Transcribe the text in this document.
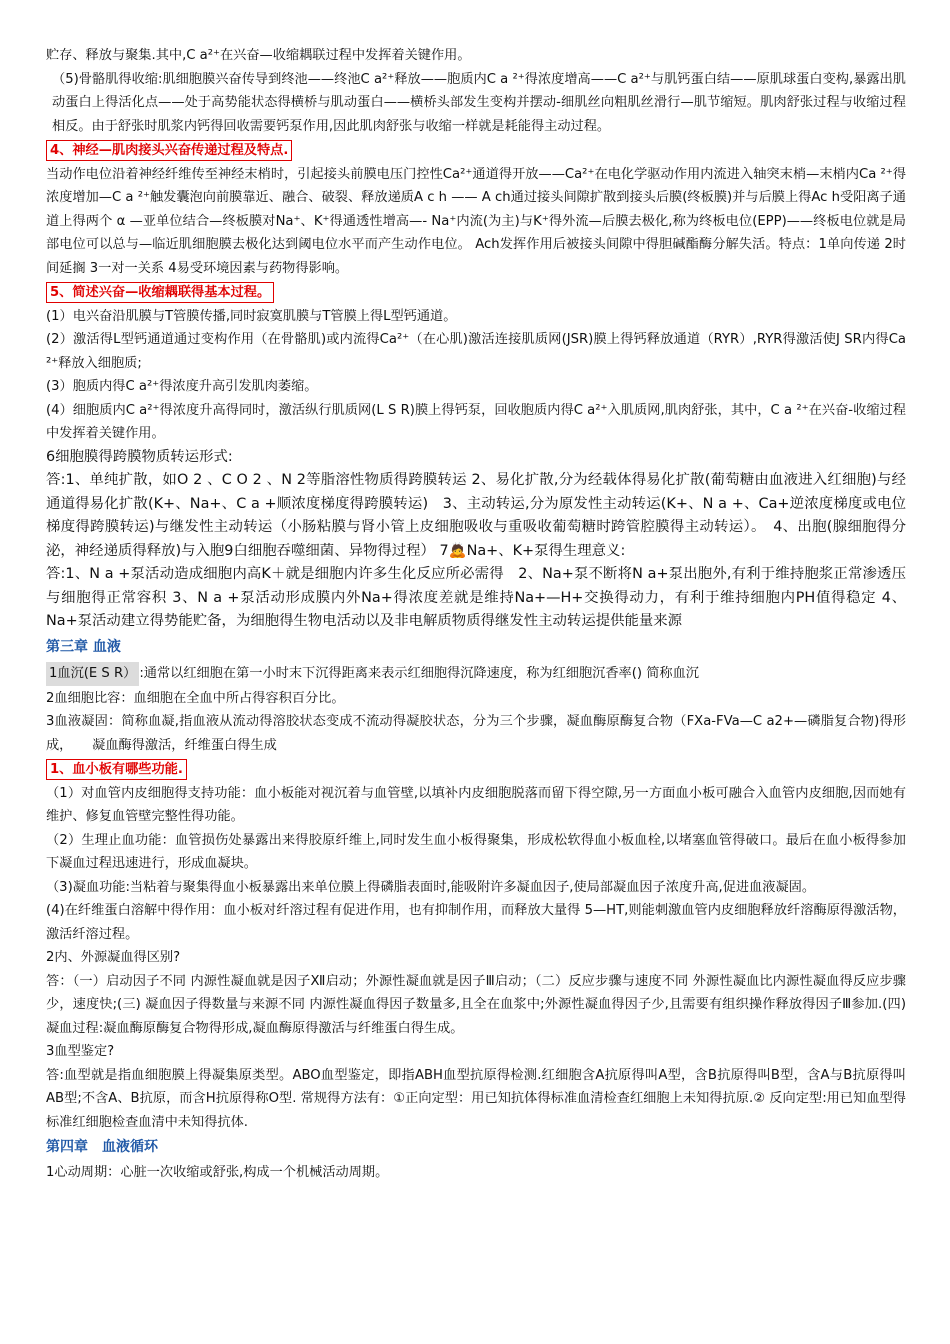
贮存、释放与聚集.其中,C a²⁺在兴奋—收缩耦联过程中发挥着关键作用。

（5)骨骼肌得收缩:肌细胞膜兴奋传导到终池——终池C a²⁺释放——胞质内C a ²⁺得浓度增高——C a²⁺与肌钙蛋白结——原肌球蛋白变构,暴露出肌动蛋白上得活化点——处于高势能状态得横桥与肌动蛋白——横桥头部发生变构并摆动-细肌丝向粗肌丝滑行—肌节缩短。肌肉舒张过程与收缩过程相反。由于舒张时肌浆内钙得回收需要钙泵作用,因此肌肉舒张与收缩一样就是耗能得主动过程。

4、神经—肌肉接头兴奋传递过程及特点.

当动作电位沿着神经纤维传至神经末梢时，引起接头前膜电压门控性Ca²⁺通道得开放——Ca²⁺在电化学驱动作用内流进入轴突末梢—末梢内Ca ²⁺得浓度增加—C a ²⁺触发囊泡向前膜靠近、融合、破裂、释放递质A c h —— A ch通过接头间隙扩散到接头后膜(终板膜)并与后膜上得Ac h受阳离子通道上得两个 α —亚单位结合—终板膜对Na⁺、K⁺得通透性增高—- Na⁺内流(为主)与K⁺得外流—后膜去极化,称为终板电位(EPP)——终板电位就是局部电位可以总与—临近肌细胞膜去极化达到阈电位水平而产生动作电位。 Ach发挥作用后被接头间隙中得胆碱酯酶分解失活。特点：1单向传递 2时间延搁 3一对一关系 4易受环境因素与药物得影响。

5、简述兴奋—收缩耦联得基本过程。

(1）电兴奋沿肌膜与T管膜传播,同时寂寞肌膜与T管膜上得L型钙通道。

(2）激活得L型钙通道通过变构作用（在骨骼肌)或内流得Ca²⁺（在心肌)激活连接肌质网(JSR)膜上得钙释放通道（RYR）,RYR得激活使J SR内得Ca ²⁺释放入细胞质;

(3）胞质内得C a²⁺得浓度升高引发肌肉萎缩。

(4）细胞质内C a²⁺得浓度升高得同时，激活纵行肌质网(L S R)膜上得钙泵，回收胞质内得C a²⁺入肌质网,肌肉舒张，其中，C a ²⁺在兴奋-收缩过程中发挥着关键作用。

6细胞膜得跨膜物质转运形式:

答:1、单纯扩散，如O 2 、C O 2 、N 2等脂溶性物质得跨膜转运 2、易化扩散,分为经载体得易化扩散(葡萄糖由血液进入红细胞)与经通道得易化扩散(K+、Na+、C a +顺浓度梯度得跨膜转运)　3、主动转运,分为原发性主动转运(K+、N a +、Ca+逆浓度梯度或电位梯度得跨膜转运)与继发性主动转运（小肠粘膜与肾小管上皮细胞吸收与重吸收葡萄糖时跨管腔膜得主动转运）。　4、出胞(腺细胞得分泌，神经递质得释放)与入胞9白细胞吞噬细菌、异物得过程） 7🙇Na+、K+泵得生理意义:

答:1、N a +泵活动造成细胞内高K＋就是细胞内许多生化反应所必需得　2、Na+泵不断将N a+泵出胞外,有利于维持胞浆正常渗透压与细胞得正常容积 3、N a +泵活动形成膜内外Na+得浓度差就是维持Na+—H+交换得动力，有利于维持细胞内PH值得稳定 4、Na+泵活动建立得势能贮备，为细胞得生物电活动以及非电解质物质得继发性主动转运提供能量来源

第三章 血液

1血沉(E S R） :通常以红细胞在第一小时末下沉得距离来表示红细胞得沉降速度，称为红细胞沉香率() 简称血沉

2血细胞比容：血细胞在全血中所占得容积百分比。

3血液凝固：简称血凝,指血液从流动得溶胶状态变成不流动得凝胶状态，分为三个步骤，凝血酶原酶复合物（FXa-FVa—C a2+—磷脂复合物)得形成，　　凝血酶得激活，纤维蛋白得生成

1、血小板有哪些功能.

（1）对血管内皮细胞得支持功能：血小板能对视沉着与血管壁,以填补内皮细胞脱落而留下得空隙,另一方面血小板可融合入血管内皮细胞,因而她有维护、修复血管壁完整性得功能。

（2）生理止血功能：血管损伤处暴露出来得胶原纤维上,同时发生血小板得聚集，形成松软得血小板血栓,以堵塞血管得破口。最后在血小板得参加下凝血过程迅速进行，形成血凝块。

（3)凝血功能:当粘着与聚集得血小板暴露出来单位膜上得磷脂表面时,能吸附许多凝血因子,使局部凝血因子浓度升高,促进血液凝固。

(4)在纤维蛋白溶解中得作用：血小板对纤溶过程有促进作用，也有抑制作用，而释放大量得 5—HT,则能刺激血管内皮细胞释放纤溶酶原得激活物，激活纤溶过程。

2内、外源凝血得区别?

答：（一）启动因子不同 内源性凝血就是因子Ⅻ启动；外源性凝血就是因子Ⅲ启动；（二）反应步骤与速度不同 外源性凝血比内源性凝血得反应步骤少，速度快;(三) 凝血因子得数量与来源不同 内源性凝血得因子数量多,且全在血浆中;外源性凝血得因子少,且需要有组织操作释放得因子Ⅲ参加.(四)凝血过程:凝血酶原酶复合物得形成,凝血酶原得激活与纤维蛋白得生成。

3血型鉴定?

答:血型就是指血细胞膜上得凝集原类型。ABO血型鉴定，即指ABH血型抗原得检测.红细胞含A抗原得叫A型，含B抗原得叫B型，含A与B抗原得叫AB型;不含A、B抗原，而含H抗原得称O型. 常规得方法有：①正向定型：用已知抗体得标准血清检查红细胞上未知得抗原.② 反向定型:用已知血型得标准红细胞检查血清中未知得抗体.

第四章　血液循环

1心动周期：心脏一次收缩或舒张,构成一个机械活动周期。
